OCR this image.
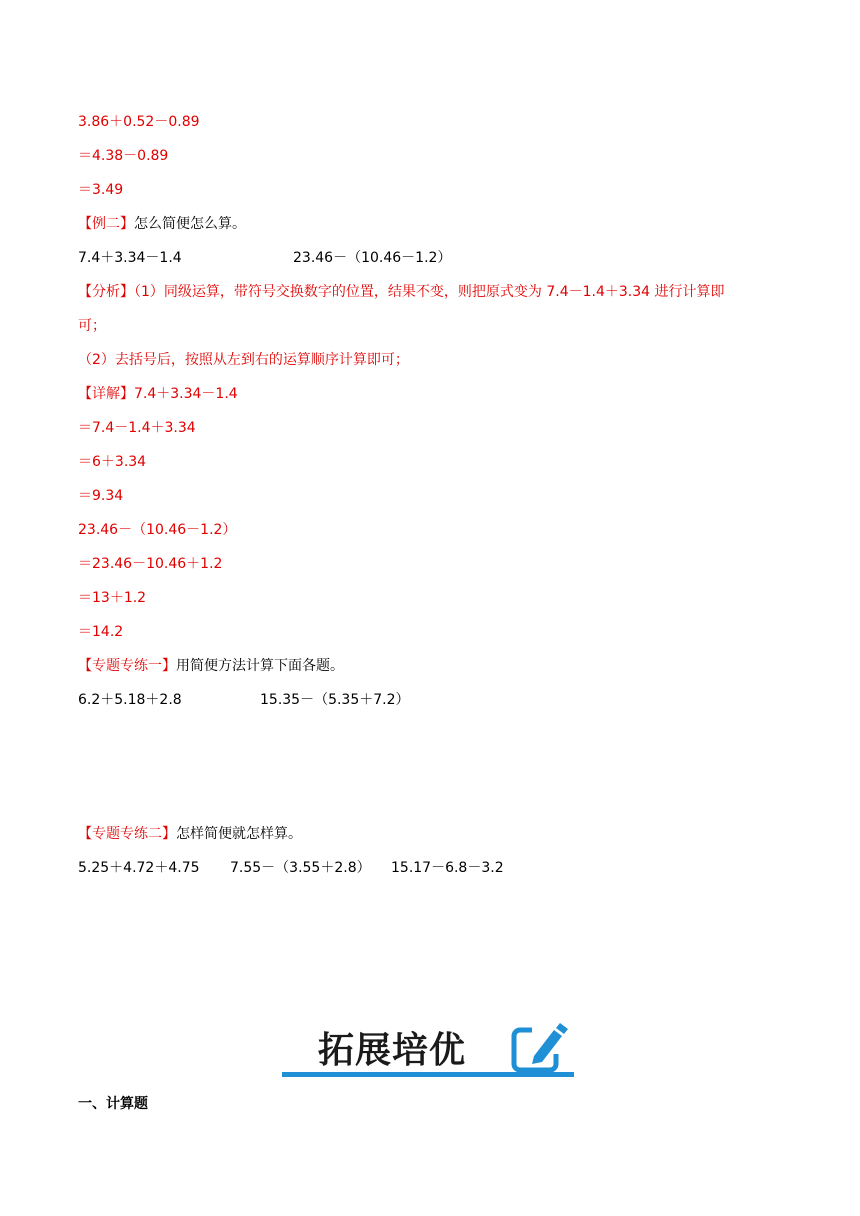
3.86＋0.52－0.89
＝4.38－0.89
＝3.49
【例二】怎么简便怎么算。
7.4＋3.34－1.4	23.46－（10.46－1.2）
【分析】（1）同级运算，带符号交换数字的位置，结果不变，则把原式变为 7.4－1.4＋3.34 进行计算即
可；
（2）去括号后，按照从左到右的运算顺序计算即可；
【详解】7.4＋3.34－1.4
＝7.4－1.4＋3.34
＝6＋3.34
＝9.34
23.46－（10.46－1.2）
＝23.46－10.46＋1.2
＝13＋1.2
＝14.2
【专题专练一】用简便方法计算下面各题。
6.2＋5.18＋2.8	15.35－（5.35＋7.2）
【专题专练二】怎样简便就怎样算。
5.25＋4.72＋4.75 7.55－（3.55＋2.8） 15.17－6.8－3.2
拓展培优
一、计算题
